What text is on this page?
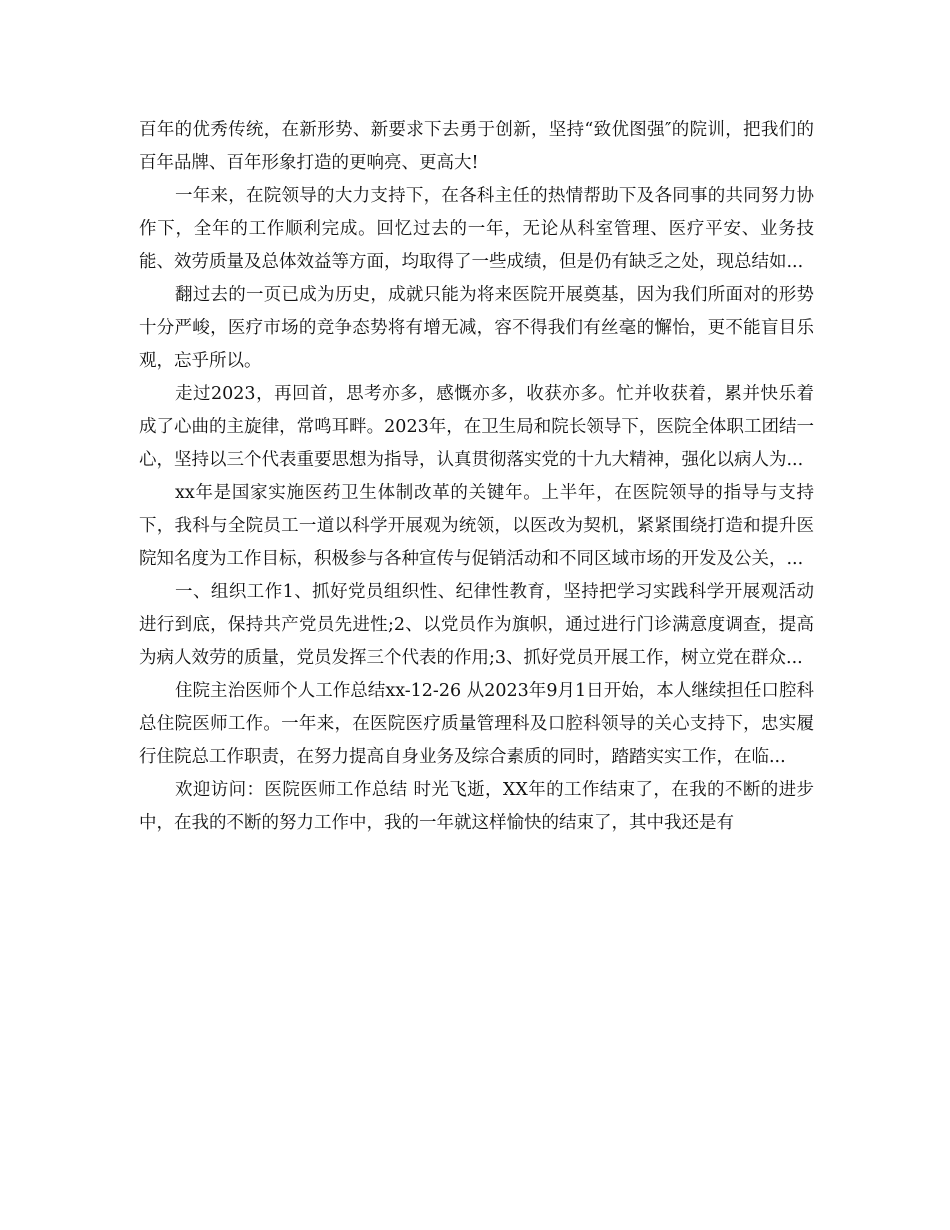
百年的优秀传统，在新形势、新要求下去勇于创新，坚持“致优图强″的院训，把我们的百年品牌、百年形象打造的更响亮、更高大!

一年来，在院领导的大力支持下，在各科主任的热情帮助下及各同事的共同努力协作下，全年的工作顺利完成。回忆过去的一年，无论从科室管理、医疗平安、业务技能、效劳质量及总体效益等方面，均取得了一些成绩，但是仍有缺乏之处，现总结如...

翻过去的一页已成为历史，成就只能为将来医院开展奠基，因为我们所面对的形势十分严峻，医疗市场的竞争态势将有增无减，容不得我们有丝毫的懈怡，更不能盲目乐观，忘乎所以。

走过2023，再回首，思考亦多，感慨亦多，收获亦多。忙并收获着，累并快乐着成了心曲的主旋律，常鸣耳畔。2023年，在卫生局和院长领导下，医院全体职工团结一心，坚持以三个代表重要思想为指导，认真贯彻落实党的十九大精神，强化以病人为...

xx年是国家实施医药卫生体制改革的关键年。上半年，在医院领导的指导与支持下，我科与全院员工一道以科学开展观为统领，以医改为契机，紧紧围绕打造和提升医院知名度为工作目标，积极参与各种宣传与促销活动和不同区域市场的开发及公关，...

一、组织工作1、抓好党员组织性、纪律性教育，坚持把学习实践科学开展观活动进行到底，保持共产党员先进性;2、以党员作为旗帜，通过进行门诊满意度调查，提高为病人效劳的质量，党员发挥三个代表的作用;3、抓好党员开展工作，树立党在群众...

住院主治医师个人工作总结xx-12-26 从2023年9月1日开始，本人继续担任口腔科总住院医师工作。一年来，在医院医疗质量管理科及口腔科领导的关心支持下，忠实履行住院总工作职责，在努力提高自身业务及综合素质的同时，踏踏实实工作，在临...

欢迎访问：医院医师工作总结 时光飞逝，XX年的工作结束了，在我的不断的进步中，在我的不断的努力工作中，我的一年就这样愉快的结束了，其中我还是有
